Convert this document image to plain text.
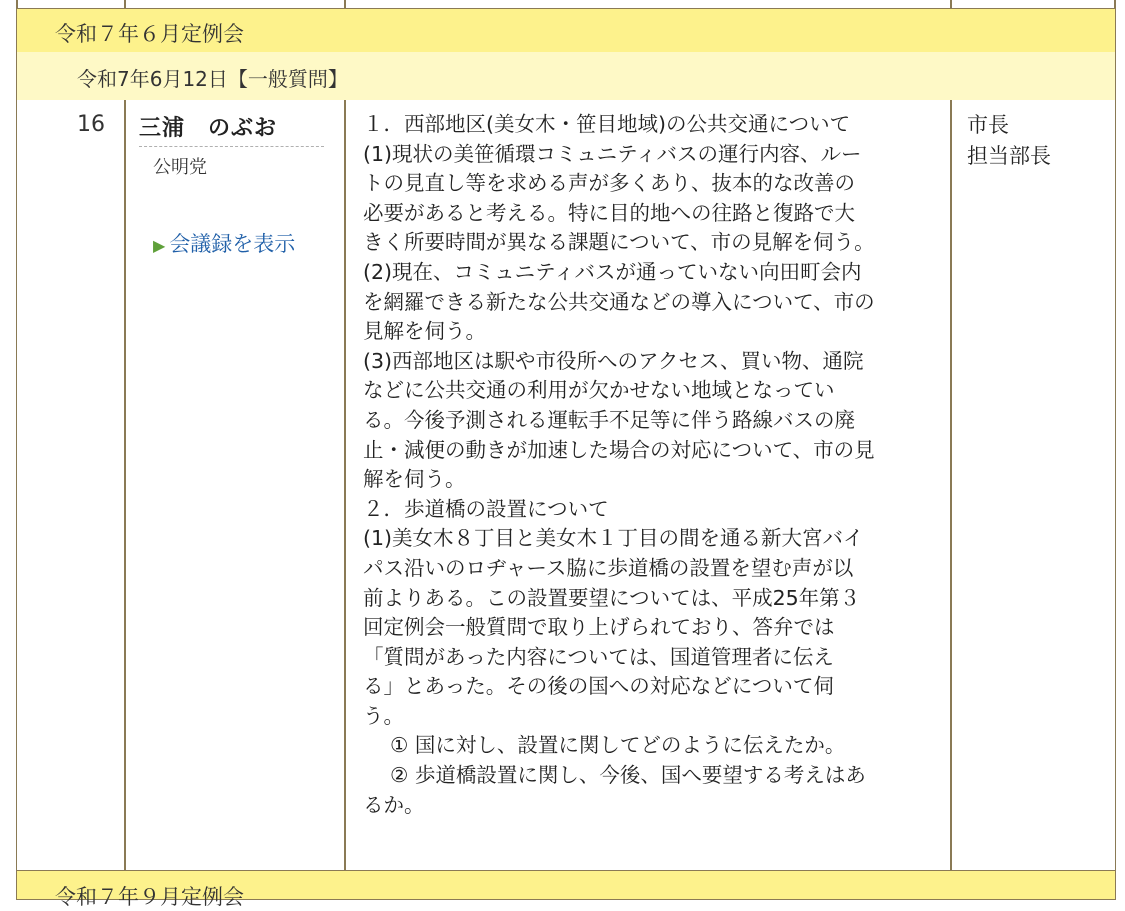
令和７年６月定例会
令和7年6月12日【一般質問】
16 三浦　のぶお
公明党
▶ 会議録を表示
１．西部地区(美女木・笹目地域)の公共交通について
(1)現状の美笹循環コミュニティバスの運行内容、ルー
トの見直し等を求める声が多くあり、抜本的な改善の
必要があると考える。特に目的地への往路と復路で大
きく所要時間が異なる課題について、市の見解を伺う。
(2)現在、コミュニティバスが通っていない向田町会内
を網羅できる新たな公共交通などの導入について、市の
見解を伺う。
(3)西部地区は駅や市役所へのアクセス、買い物、通院
などに公共交通の利用が欠かせない地域となってい
る。今後予測される運転手不足等に伴う路線バスの廃
止・減便の動きが加速した場合の対応について、市の見
解を伺う。
２．歩道橋の設置について
(1)美女木８丁目と美女木１丁目の間を通る新大宮バイ
パス沿いのロヂャース脇に歩道橋の設置を望む声が以
前よりある。この設置要望については、平成25年第３
回定例会一般質問で取り上げられており、答弁では
「質問があった内容については、国道管理者に伝え
る」とあった。その後の国への対応などについて伺
う。
　 ① 国に対し、設置に関してどのように伝えたか。
　 ② 歩道橋設置に関し、今後、国へ要望する考えはあ
るか。
市長
担当部長
令和７年９月定例会
